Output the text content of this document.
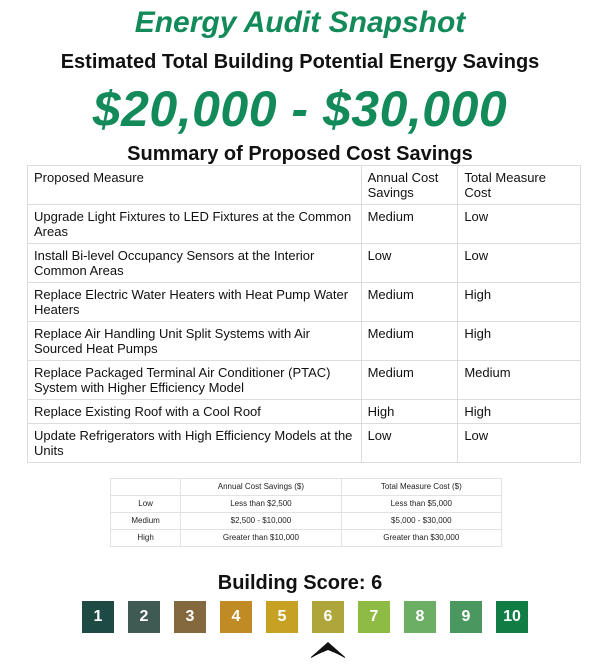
Energy Audit Snapshot
Estimated Total Building Potential Energy Savings
$20,000 - $30,000
Summary of Proposed Cost Savings
Proposed Measure	Annual Cost Savings	Total Measure Cost
Upgrade Light Fixtures to LED Fixtures at the Common Areas	Medium	Low
Install Bi-level Occupancy Sensors at the Interior Common Areas	Low	Low
Replace Electric Water Heaters with Heat Pump Water Heaters	Medium	High
Replace Air Handling Unit Split Systems with Air Sourced Heat Pumps	Medium	High
Replace Packaged Terminal Air Conditioner (PTAC) System with Higher Efficiency Model	Medium	Medium
Replace Existing Roof with a Cool Roof	High	High
Update Refrigerators with High Efficiency Models at the Units	Low	Low
	Annual Cost Savings ($)	Total Measure Cost ($)
Low	Less than $2,500	Less than $5,000
Medium	$2,500 - $10,000	$5,000 - $30,000
High	Greater than $10,000	Greater than $30,000
Building Score: 6
1	2	3	4	5	6	7	8	9	10
